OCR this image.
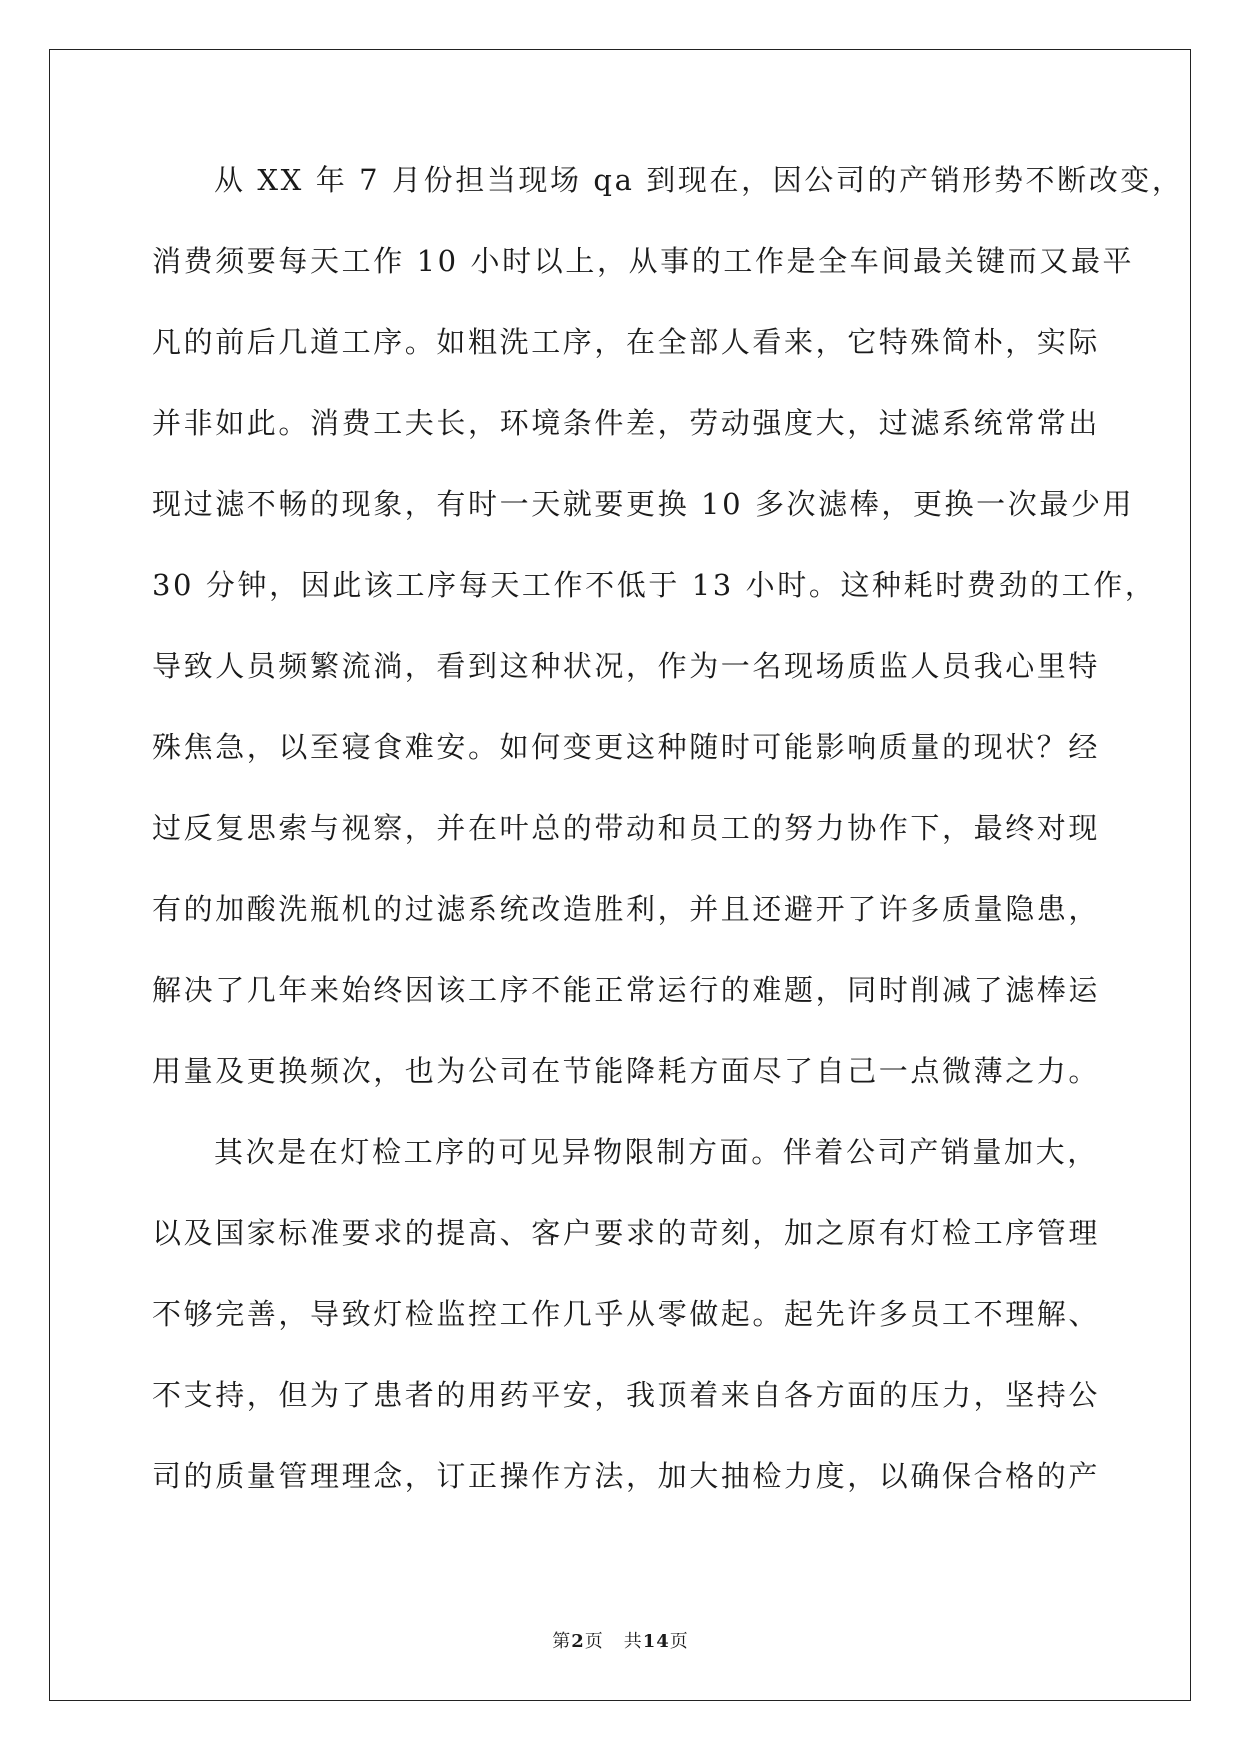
从 XX 年 7 月份担当现场 qa 到现在，因公司的产销形势不断改变，
消费须要每天工作 10 小时以上，从事的工作是全车间最关键而又最平
凡的前后几道工序。如粗洗工序，在全部人看来，它特殊简朴，实际
并非如此。消费工夫长，环境条件差，劳动强度大，过滤系统常常出
现过滤不畅的现象，有时一天就要更换 10 多次滤棒，更换一次最少用
30 分钟，因此该工序每天工作不低于 13 小时。这种耗时费劲的工作，
导致人员频繁流淌，看到这种状况，作为一名现场质监人员我心里特
殊焦急，以至寝食难安。如何变更这种随时可能影响质量的现状？经
过反复思索与视察，并在叶总的带动和员工的努力协作下，最终对现
有的加酸洗瓶机的过滤系统改造胜利，并且还避开了许多质量隐患，
解决了几年来始终因该工序不能正常运行的难题，同时削减了滤棒运
用量及更换频次，也为公司在节能降耗方面尽了自己一点微薄之力。
其次是在灯检工序的可见异物限制方面。伴着公司产销量加大，
以及国家标准要求的提高、客户要求的苛刻，加之原有灯检工序管理
不够完善，导致灯检监控工作几乎从零做起。起先许多员工不理解、
不支持，但为了患者的用药平安，我顶着来自各方面的压力，坚持公
司的质量管理理念，订正操作方法，加大抽检力度，以确保合格的产
第2页 共14页
